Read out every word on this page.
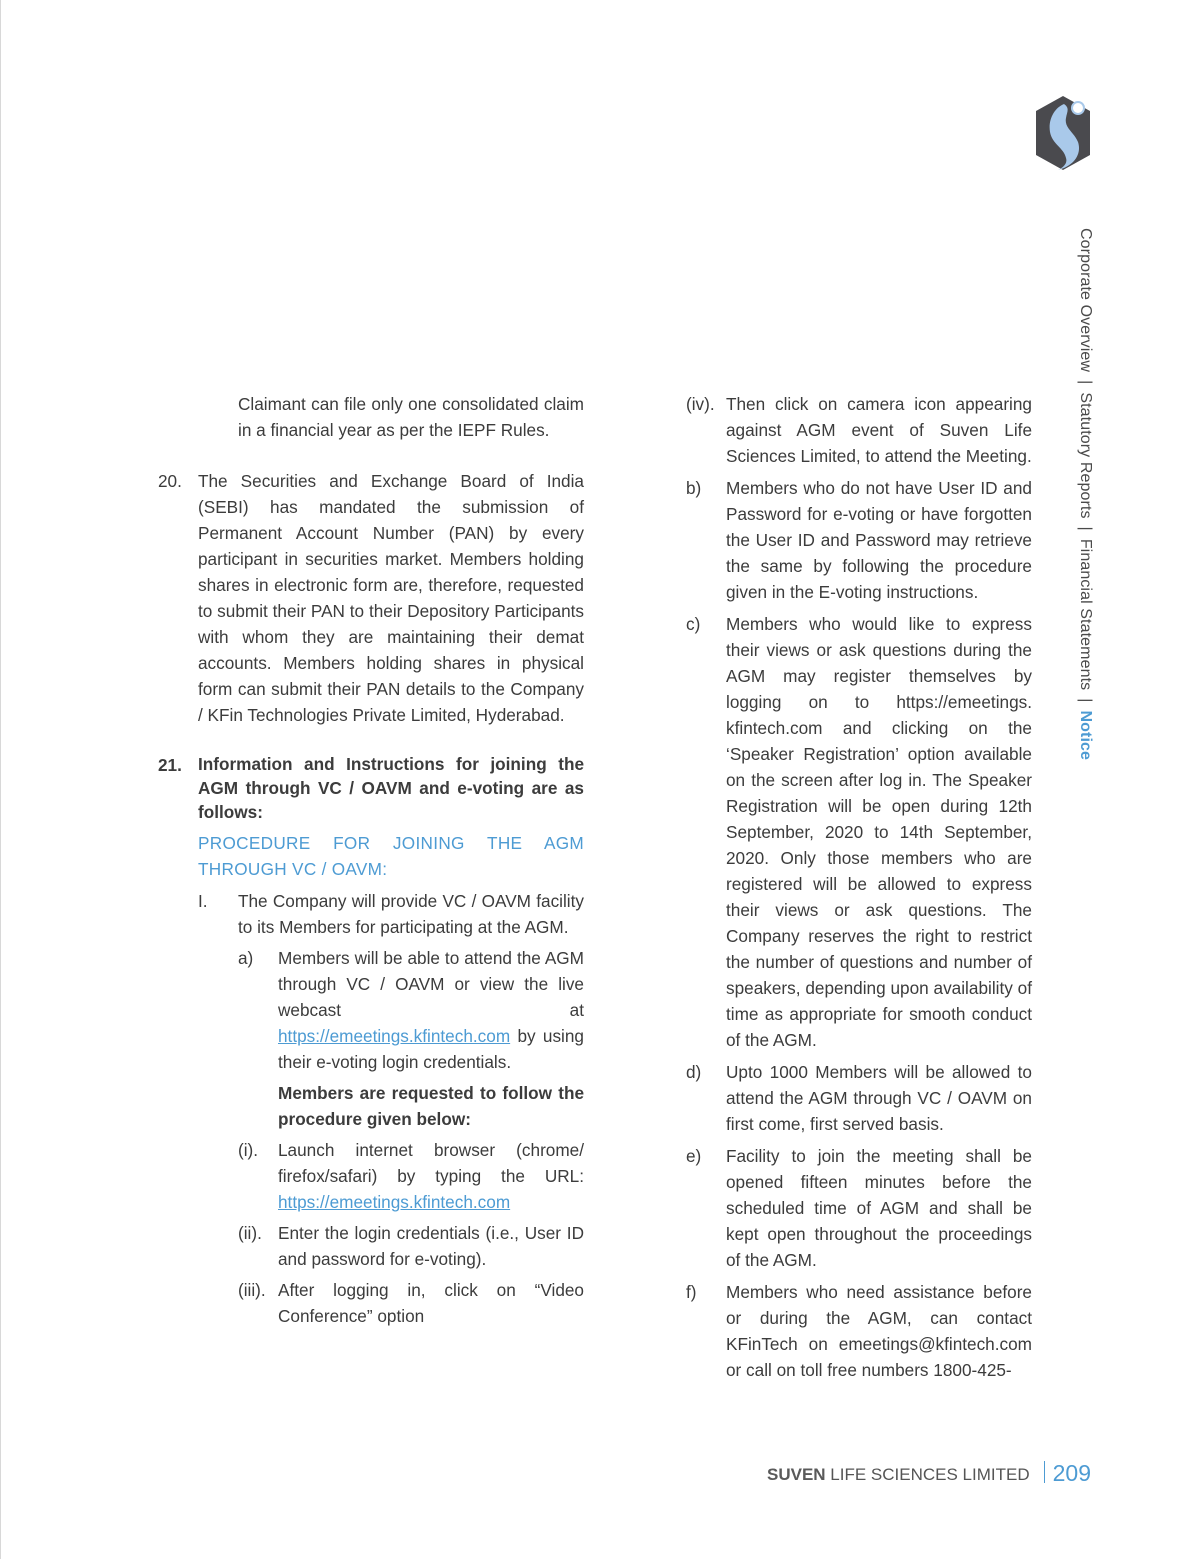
Corporate Overview|Statutory Reports|Financial Statements|Notice
Claimant can file only one consolidated claim in a financial year as per the IEPF Rules.
20. The Securities and Exchange Board of India (SEBI) has mandated the submission of Permanent Account Number (PAN) by every participant in securities market. Members holding shares in electronic form are, therefore, requested to submit their PAN to their Depository Participants with whom they are maintaining their demat accounts. Members holding shares in physical form can submit their PAN details to the Company / KFin Technologies Private Limited, Hyderabad.
21. Information and Instructions for joining the AGM through VC / OAVM and e-voting are as follows:
PROCEDURE FOR JOINING THE AGM THROUGH VC / OAVM:
I.	The Company will provide VC / OAVM facility to its Members for participating at the AGM.
a)	Members will be able to attend the AGM through VC / OAVM or view the live webcast at https://emeetings.kfintech.com by using their e-voting login credentials.
Members are requested to follow the procedure given below:
(i).	Launch internet browser (chrome/ firefox/safari) by typing the URL: https://emeetings.kfintech.com
(ii). Enter the login credentials (i.e., User ID and password for e-voting).
(iii). After logging in, click on “Video Conference” option
(iv). Then click on camera icon appearing against AGM event of Suven Life Sciences Limited, to attend the Meeting.
b)	Members who do not have User ID and Password for e-voting or have forgotten the User ID and Password may retrieve the same by following the procedure given in the E-voting instructions.
c)	Members who would like to express their views or ask questions during the AGM may register themselves by logging on to https://emeetings. kfintech.com and clicking on the ‘Speaker Registration’ option available on the screen after log in. The Speaker Registration will be open during 12th September, 2020 to 14th September, 2020. Only those members who are registered will be allowed to express their views or ask questions. The Company reserves the right to restrict the number of questions and number of speakers, depending upon availability of time as appropriate for smooth conduct of the AGM.
d)	Upto 1000 Members will be allowed to attend the AGM through VC / OAVM on first come, first served basis.
e)	Facility to join the meeting shall be opened fifteen minutes before the scheduled time of AGM and shall be kept open throughout the proceedings of the AGM.
f)	Members who need assistance before or during the AGM, can contact KFinTech on emeetings@kfintech.com or call on toll free numbers 1800-425-
SUVEN LIFE SCIENCES LIMITED 209
